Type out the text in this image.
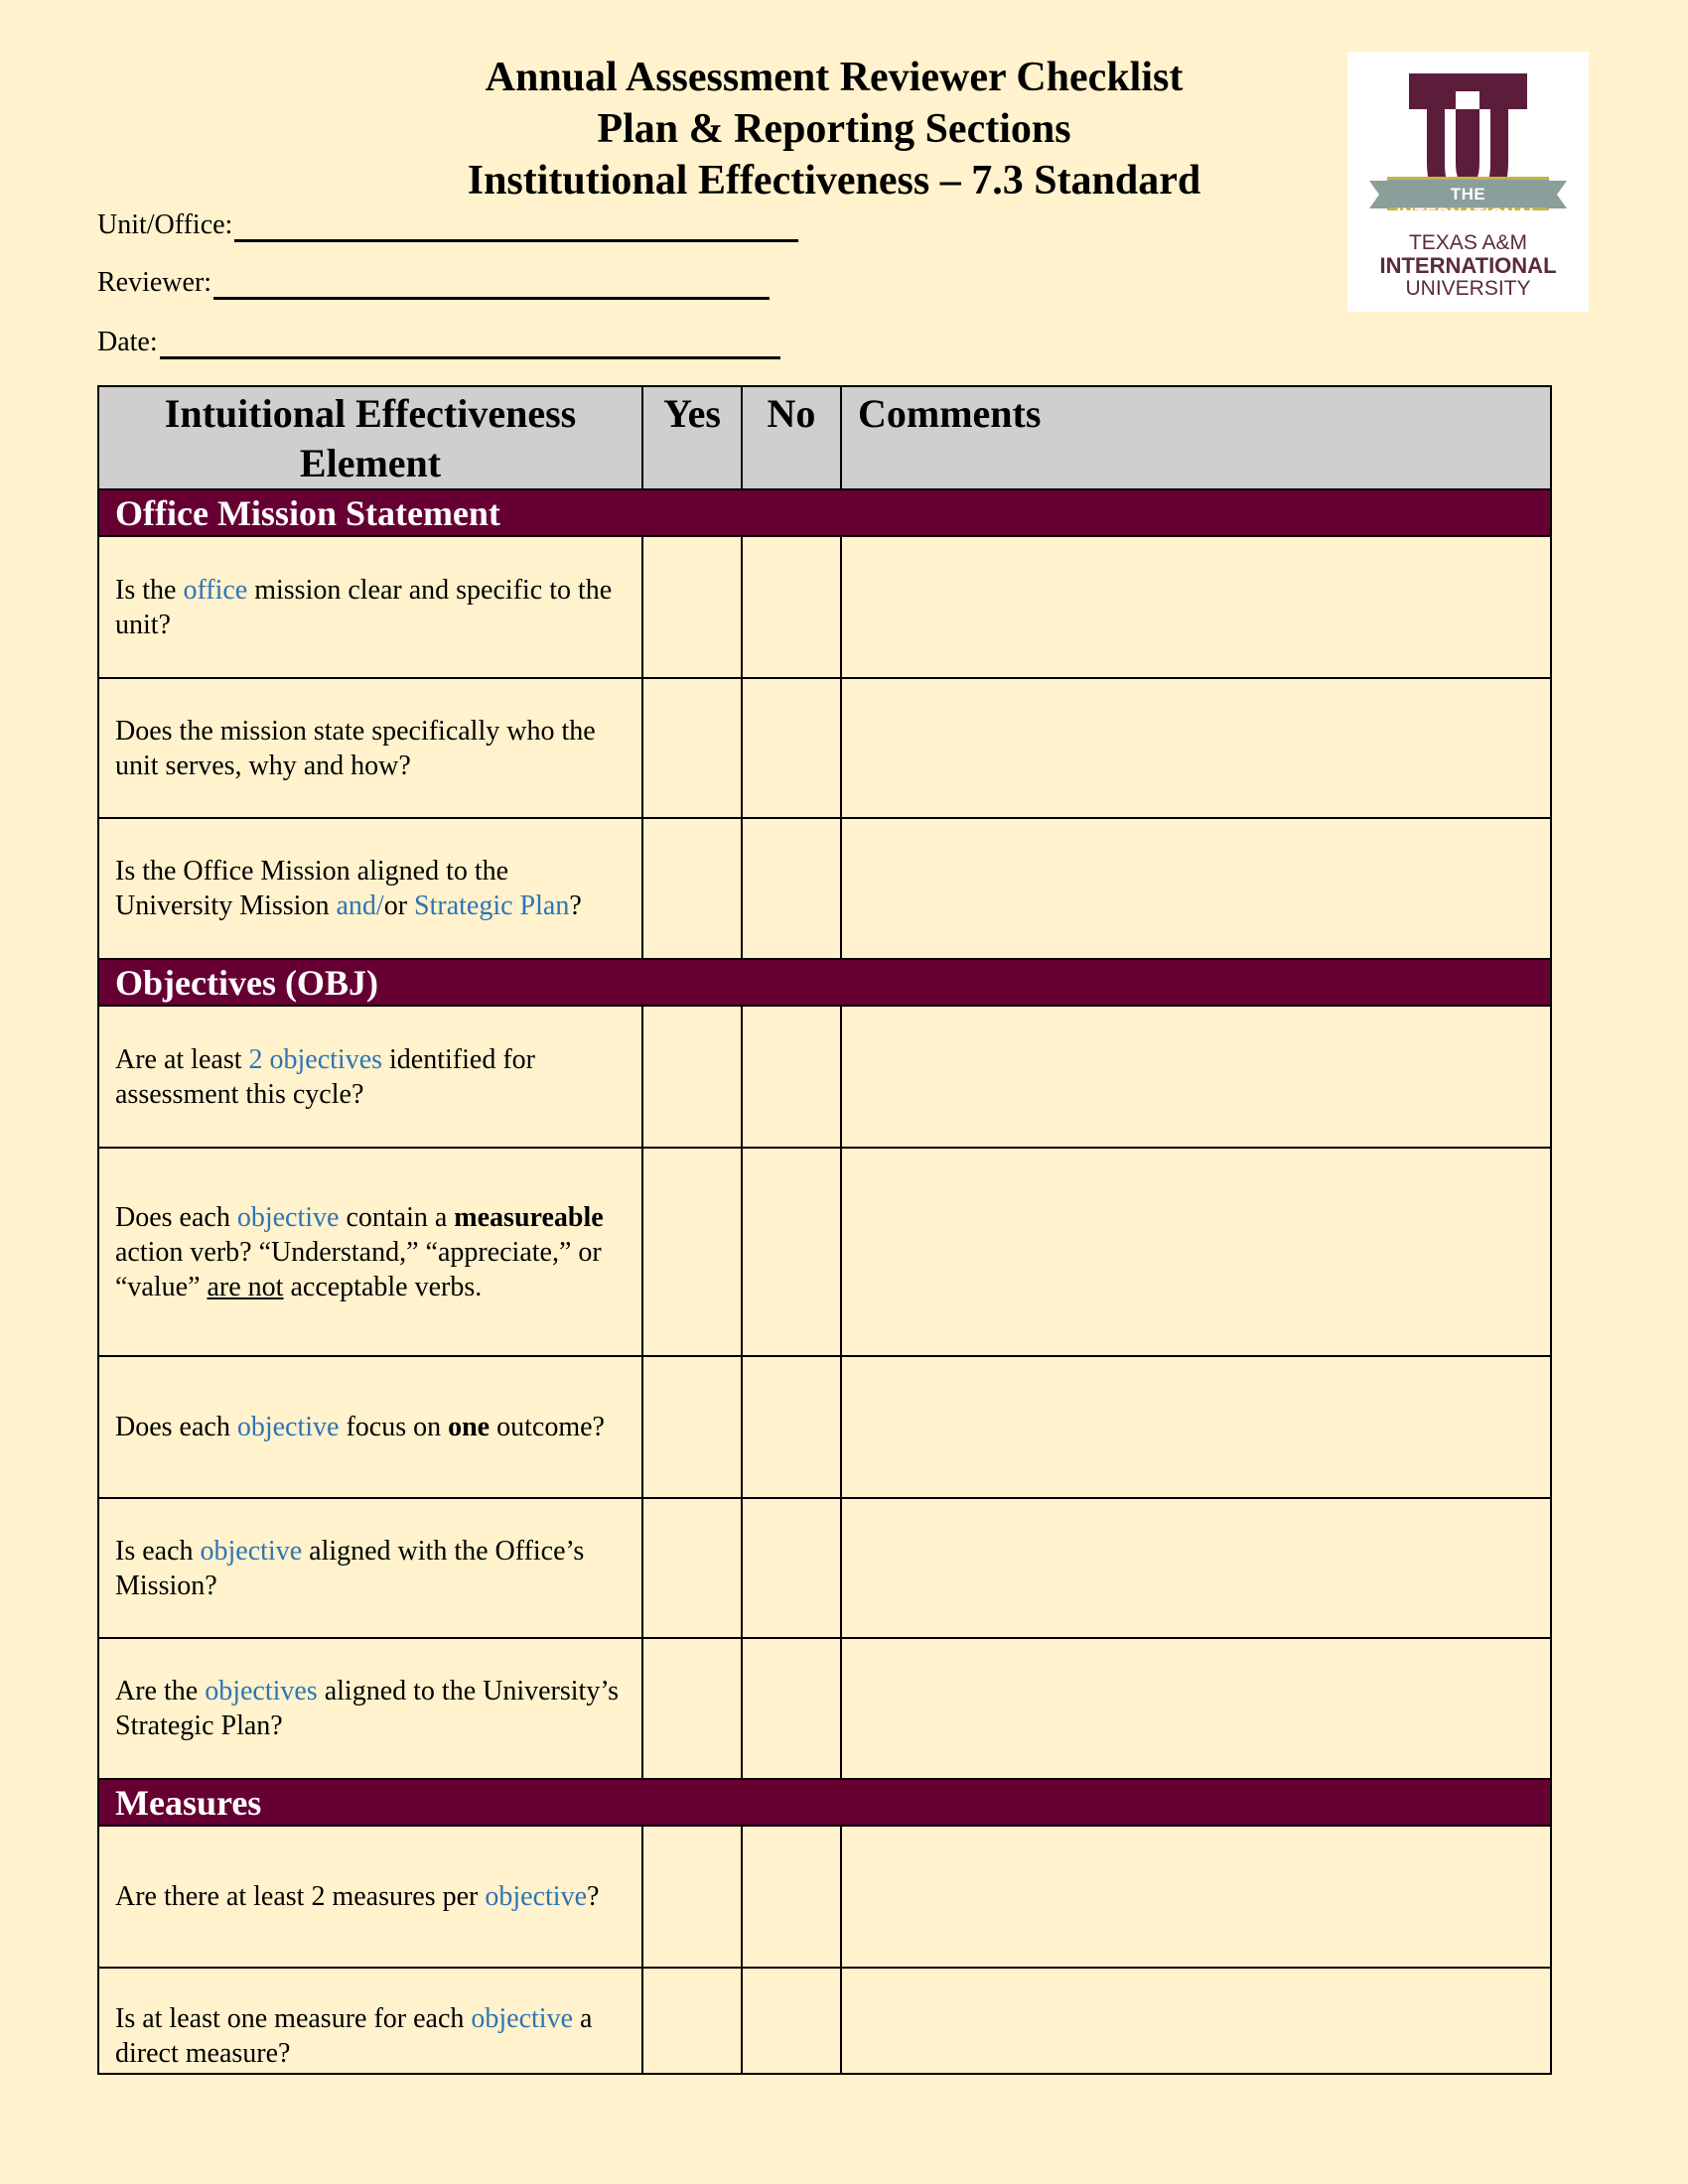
Annual Assessment Reviewer Checklist
Plan & Reporting Sections
Institutional Effectiveness – 7.3 Standard	THE INTERNATIONAL
TEXAS A&M
INTERNATIONAL
UNIVERSITY
Unit/Office:
Reviewer:
Date:
Intuitional Effectiveness Element	Yes	No	Comments
Office Mission Statement			
Is the office mission clear and specific to the unit?			
Does the mission state specifically who the unit serves, why and how?			
Is the Office Mission aligned to the University Mission and/or Strategic Plan?			
Objectives (OBJ)			
Are at least 2 objectives identified for assessment this cycle?			
Does each objective contain a measureable action verb? “Understand,” “appreciate,” or “value” are not acceptable verbs.			
Does each objective focus on one outcome?			
Is each objective aligned with the Office’s Mission?			
Are the objectives aligned to the University’s Strategic Plan?			
Measures			
Are there at least 2 measures per objective?			
Is at least one measure for each objective a direct measure?			
